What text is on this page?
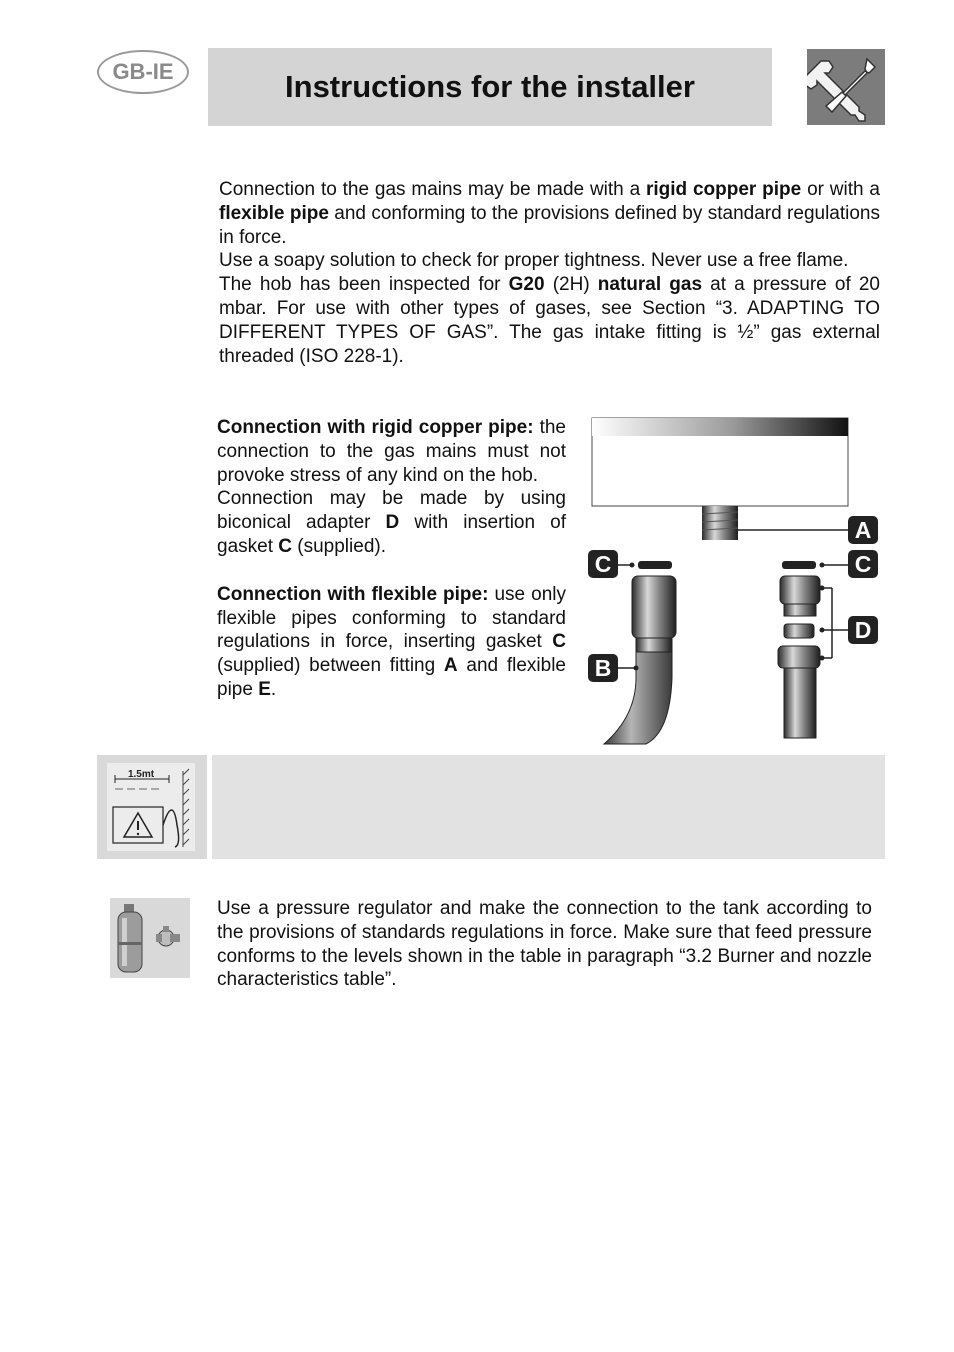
GB-IE	Instructions for the installer

Connection to the gas mains may be made with a rigid copper pipe or with a flexible pipe and conforming to the provisions defined by standard regulations in force.

Use a soapy solution to check for proper tightness. Never use a free flame.

The hob has been inspected for G20 (2H) natural gas at a pressure of 20 mbar. For use with other types of gases, see Section “3. ADAPTING TO DIFFERENT TYPES OF GAS”. The gas intake fitting is ½” gas external threaded (ISO 228-1).

Connection with rigid copper pipe: the connection to the gas mains must not provoke stress of any kind on the hob.

Connection may be made by using biconical adapter D with insertion of gasket C (supplied).

Connection with flexible pipe: use only flexible pipes conforming to standard regulations in force, inserting gasket C (supplied) between fitting A and flexible pipe E.

A
C
B
C
D
1.5mt

Use a pressure regulator and make the connection to the tank according to the provisions of standards regulations in force. Make sure that feed pressure conforms to the levels shown in the table in paragraph “3.2 Burner and nozzle characteristics table”.
